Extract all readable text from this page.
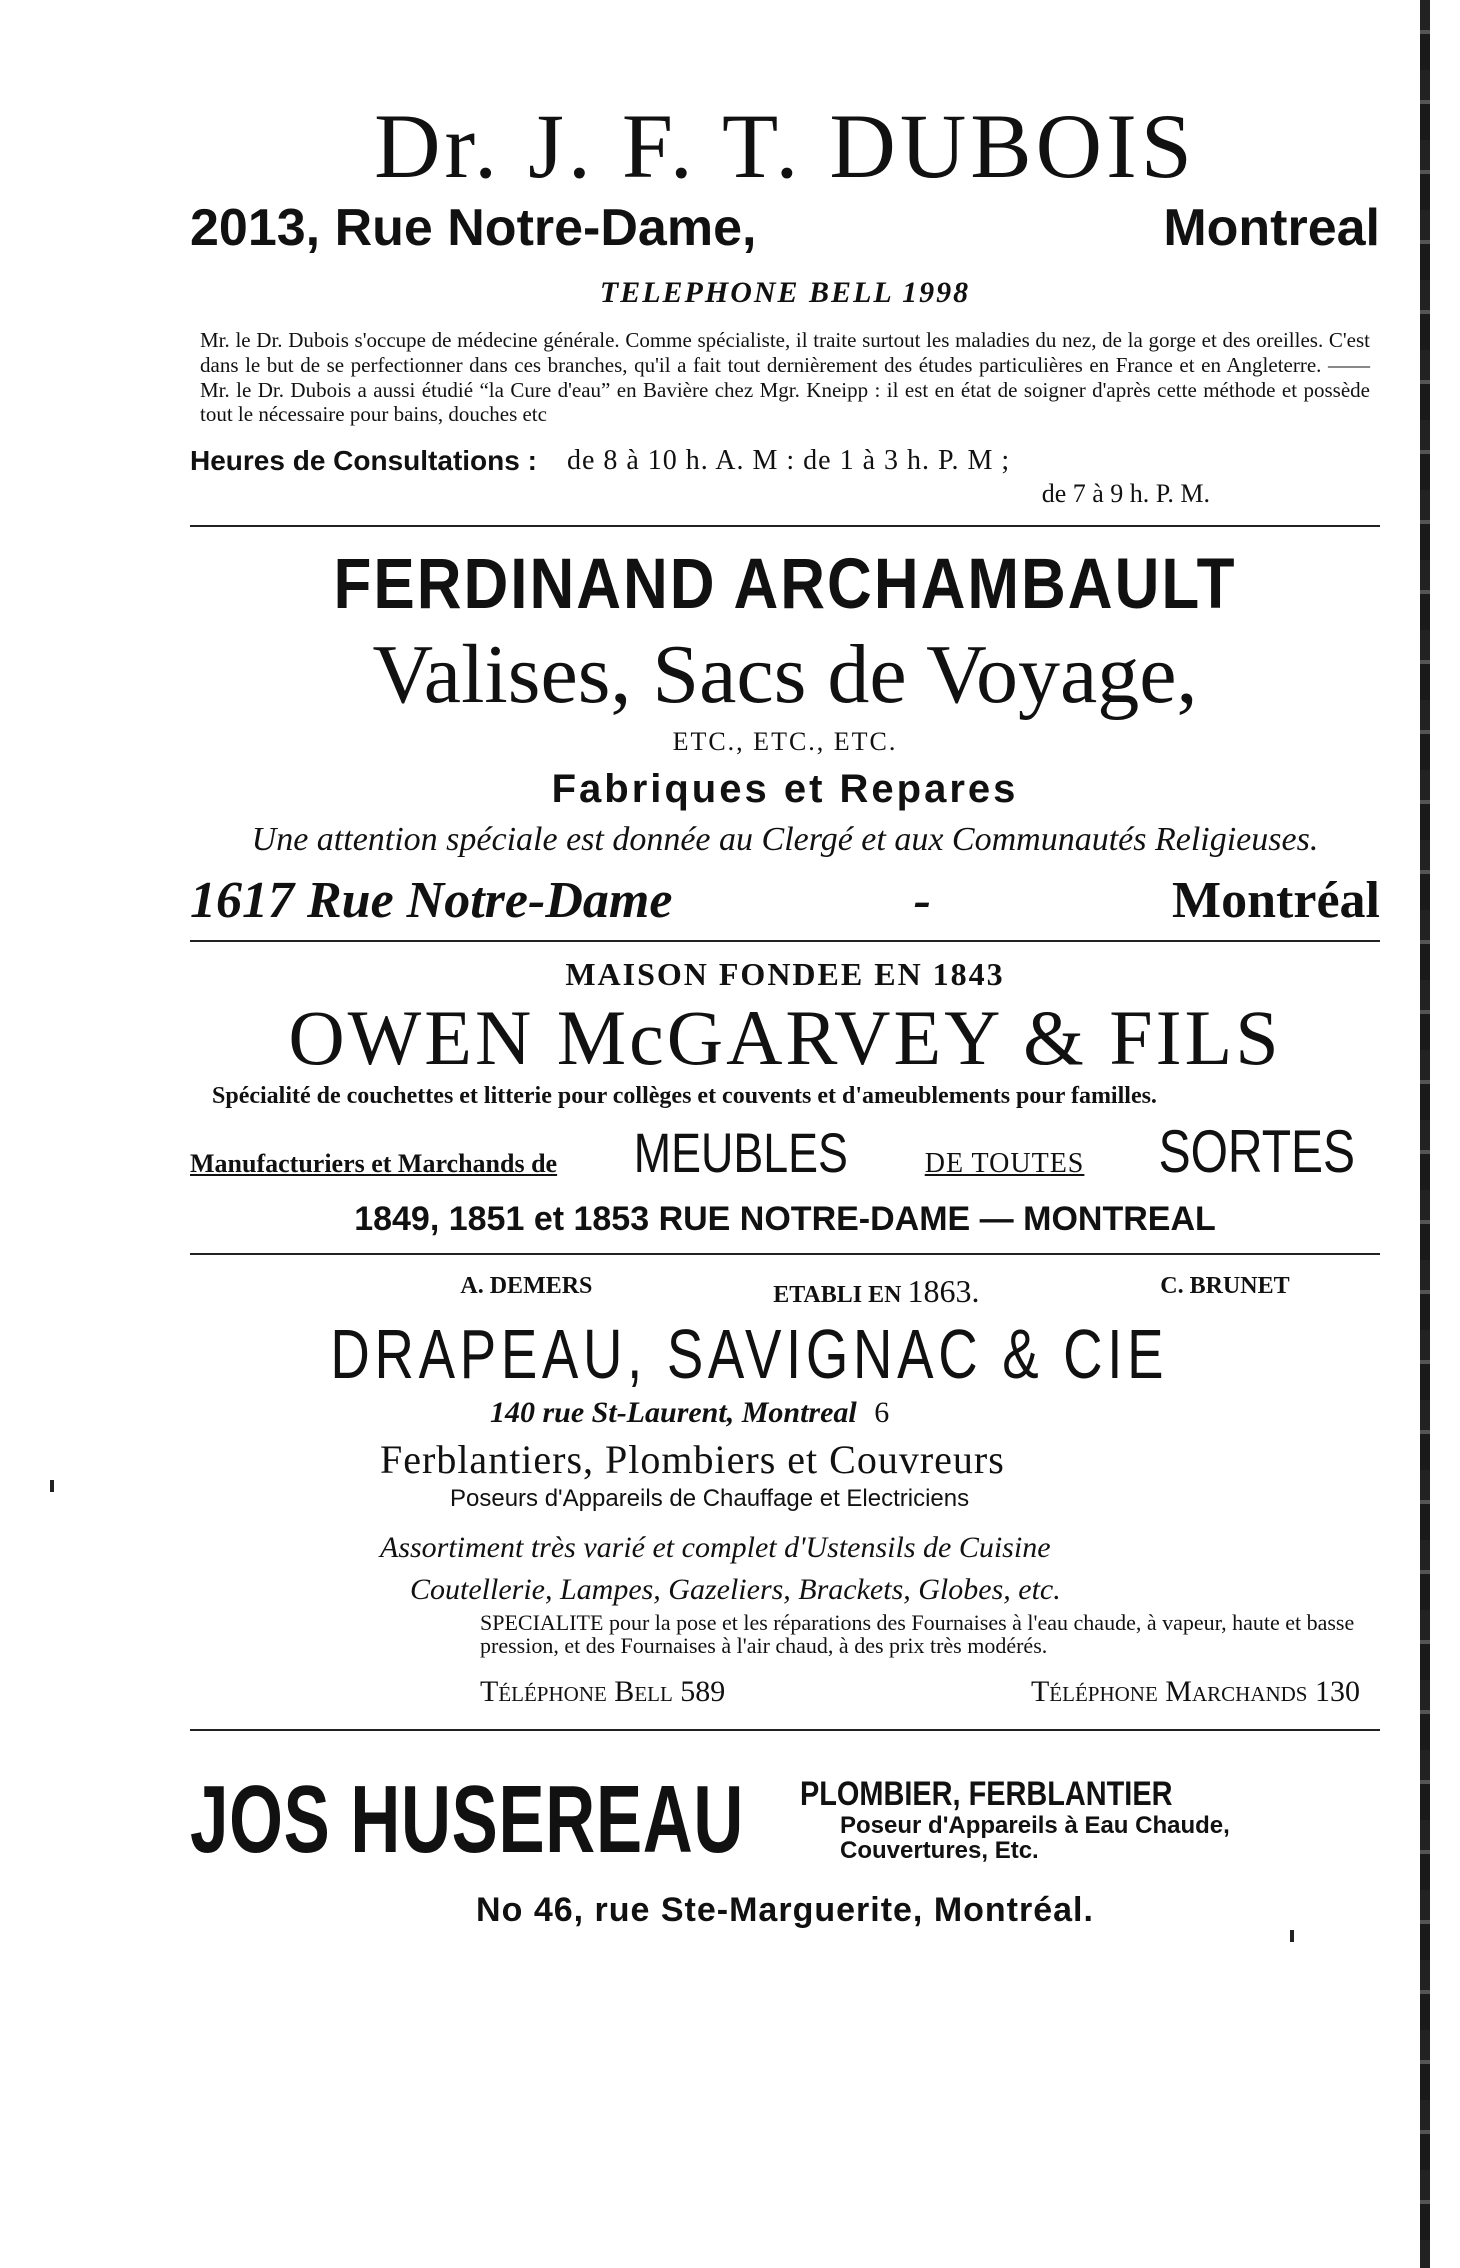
Dr. J. F. T. DUBOIS
2013, Rue Notre-Dame,	Montreal
TELEPHONE BELL 1998
Mr. le Dr. Dubois s'occupe de médecine générale. Comme spécialiste, il traite surtout les maladies du nez, de la gorge et des oreilles. C'est dans le but de se perfectionner dans ces branches, qu'il a fait tout dernièrement des études particulières en France et en Angleterre. —— Mr. le Dr. Dubois a aussi étudié “la Cure d'eau” en Bavière chez Mgr. Kneipp : il est en état de soigner d'après cette méthode et possède tout le nécessaire pour bains, douches etc
Heures de Consultations : de 8 à 10 h. A. M : de 1 à 3 h. P. M ;
de 7 à 9 h. P. M.
FERDINAND ARCHAMBAULT
Valises, Sacs de Voyage,
ETC., ETC., ETC.
Fabriques et Repares
Une attention spéciale est donnée au Clergé et aux Communautés Religieuses.
1617 Rue Notre-Dame	-	Montréal
MAISON FONDEE EN 1843
OWEN McGARVEY & FILS
Spécialité de couchettes et litterie pour collèges et couvents et d'ameublements pour familles.
Manufacturiers et Marchands de MEUBLES	DE TOUTES SORTES
1849, 1851 et 1853 RUE NOTRE-DAME — MONTREAL
A. DEMERS	ETABLI EN 1863.	C. BRUNET
DRAPEAU, SAVIGNAC & CIE
140 rue St-Laurent, Montreal 6
Ferblantiers, Plombiers et Couvreurs
Poseurs d'Appareils de Chauffage et Electriciens
Assortiment très varié et complet d'Ustensils de Cuisine
Coutellerie, Lampes, Gazeliers, Brackets, Globes, etc.
SPECIALITE pour la pose et les réparations des Fournaises à l'eau chaude, à vapeur, haute et basse pression, et des Fournaises à l'air chaud, à des prix très modérés.
Téléphone Bell 589	Téléphone Marchands 130
JOS HUSEREAU PLOMBIER, FERBLANTIER
Poseur d'Appareils à Eau Chaude, Couvertures, Etc.
No 46, rue Ste-Marguerite, Montréal.
